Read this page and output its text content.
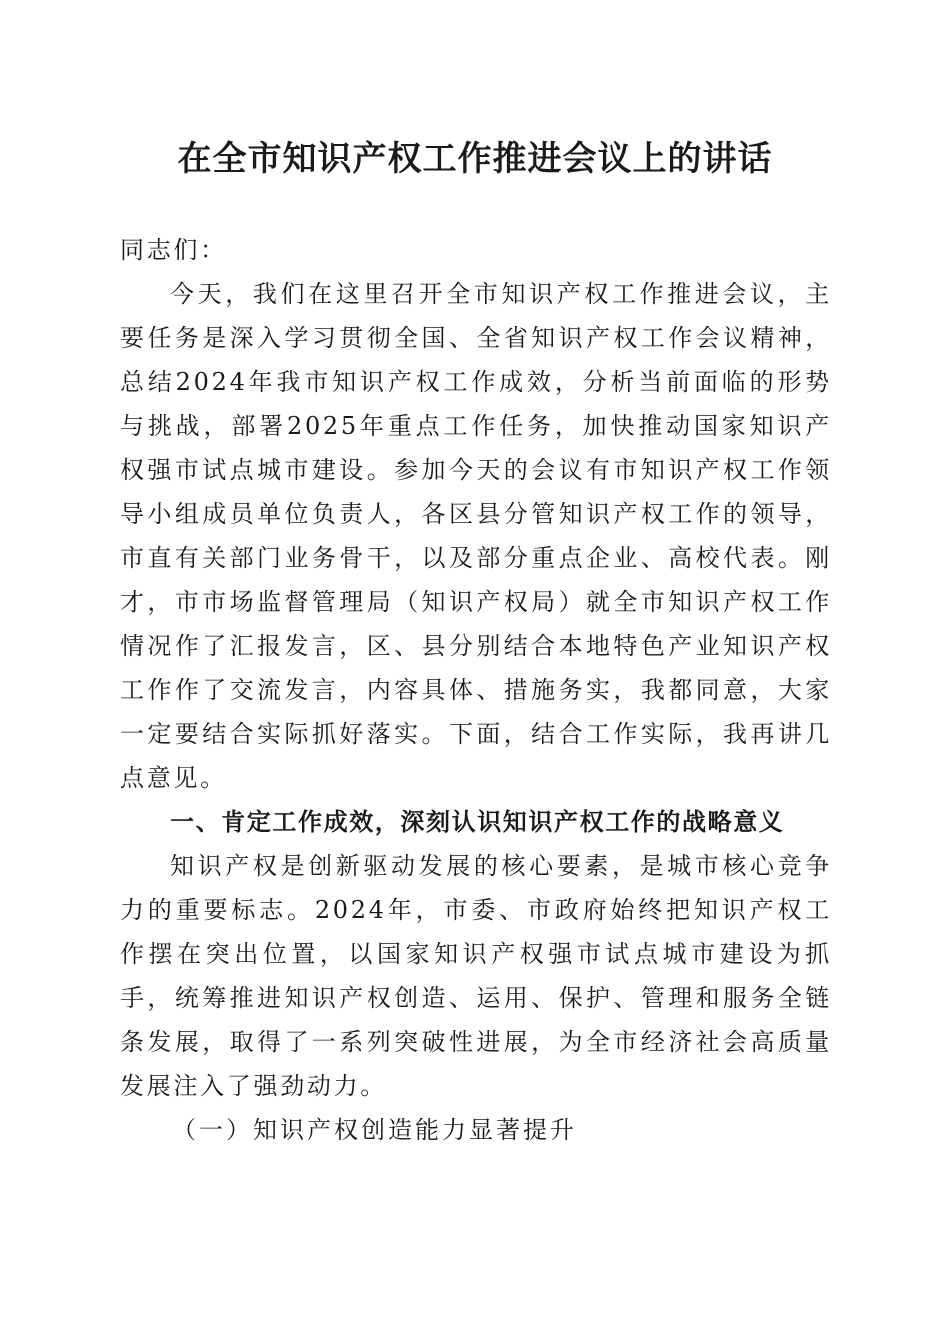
在全市知识产权工作推进会议上的讲话

同志们：

今天，我们在这里召开全市知识产权工作推进会议，主要任务是深入学习贯彻全国、全省知识产权工作会议精神，总结2024年我市知识产权工作成效，分析当前面临的形势与挑战，部署2025年重点工作任务，加快推动国家知识产权强市试点城市建设。参加今天的会议有市知识产权工作领导小组成员单位负责人，各区县分管知识产权工作的领导，市直有关部门业务骨干，以及部分重点企业、高校代表。刚才，市市场监督管理局（知识产权局）就全市知识产权工作情况作了汇报发言，区、县分别结合本地特色产业知识产权工作作了交流发言，内容具体、措施务实，我都同意，大家一定要结合实际抓好落实。下面，结合工作实际，我再讲几点意见。

一、肯定工作成效，深刻认识知识产权工作的战略意义

知识产权是创新驱动发展的核心要素，是城市核心竞争力的重要标志。2024年，市委、市政府始终把知识产权工作摆在突出位置，以国家知识产权强市试点城市建设为抓手，统筹推进知识产权创造、运用、保护、管理和服务全链条发展，取得了一系列突破性进展，为全市经济社会高质量发展注入了强劲动力。

（一）知识产权创造能力显著提升
